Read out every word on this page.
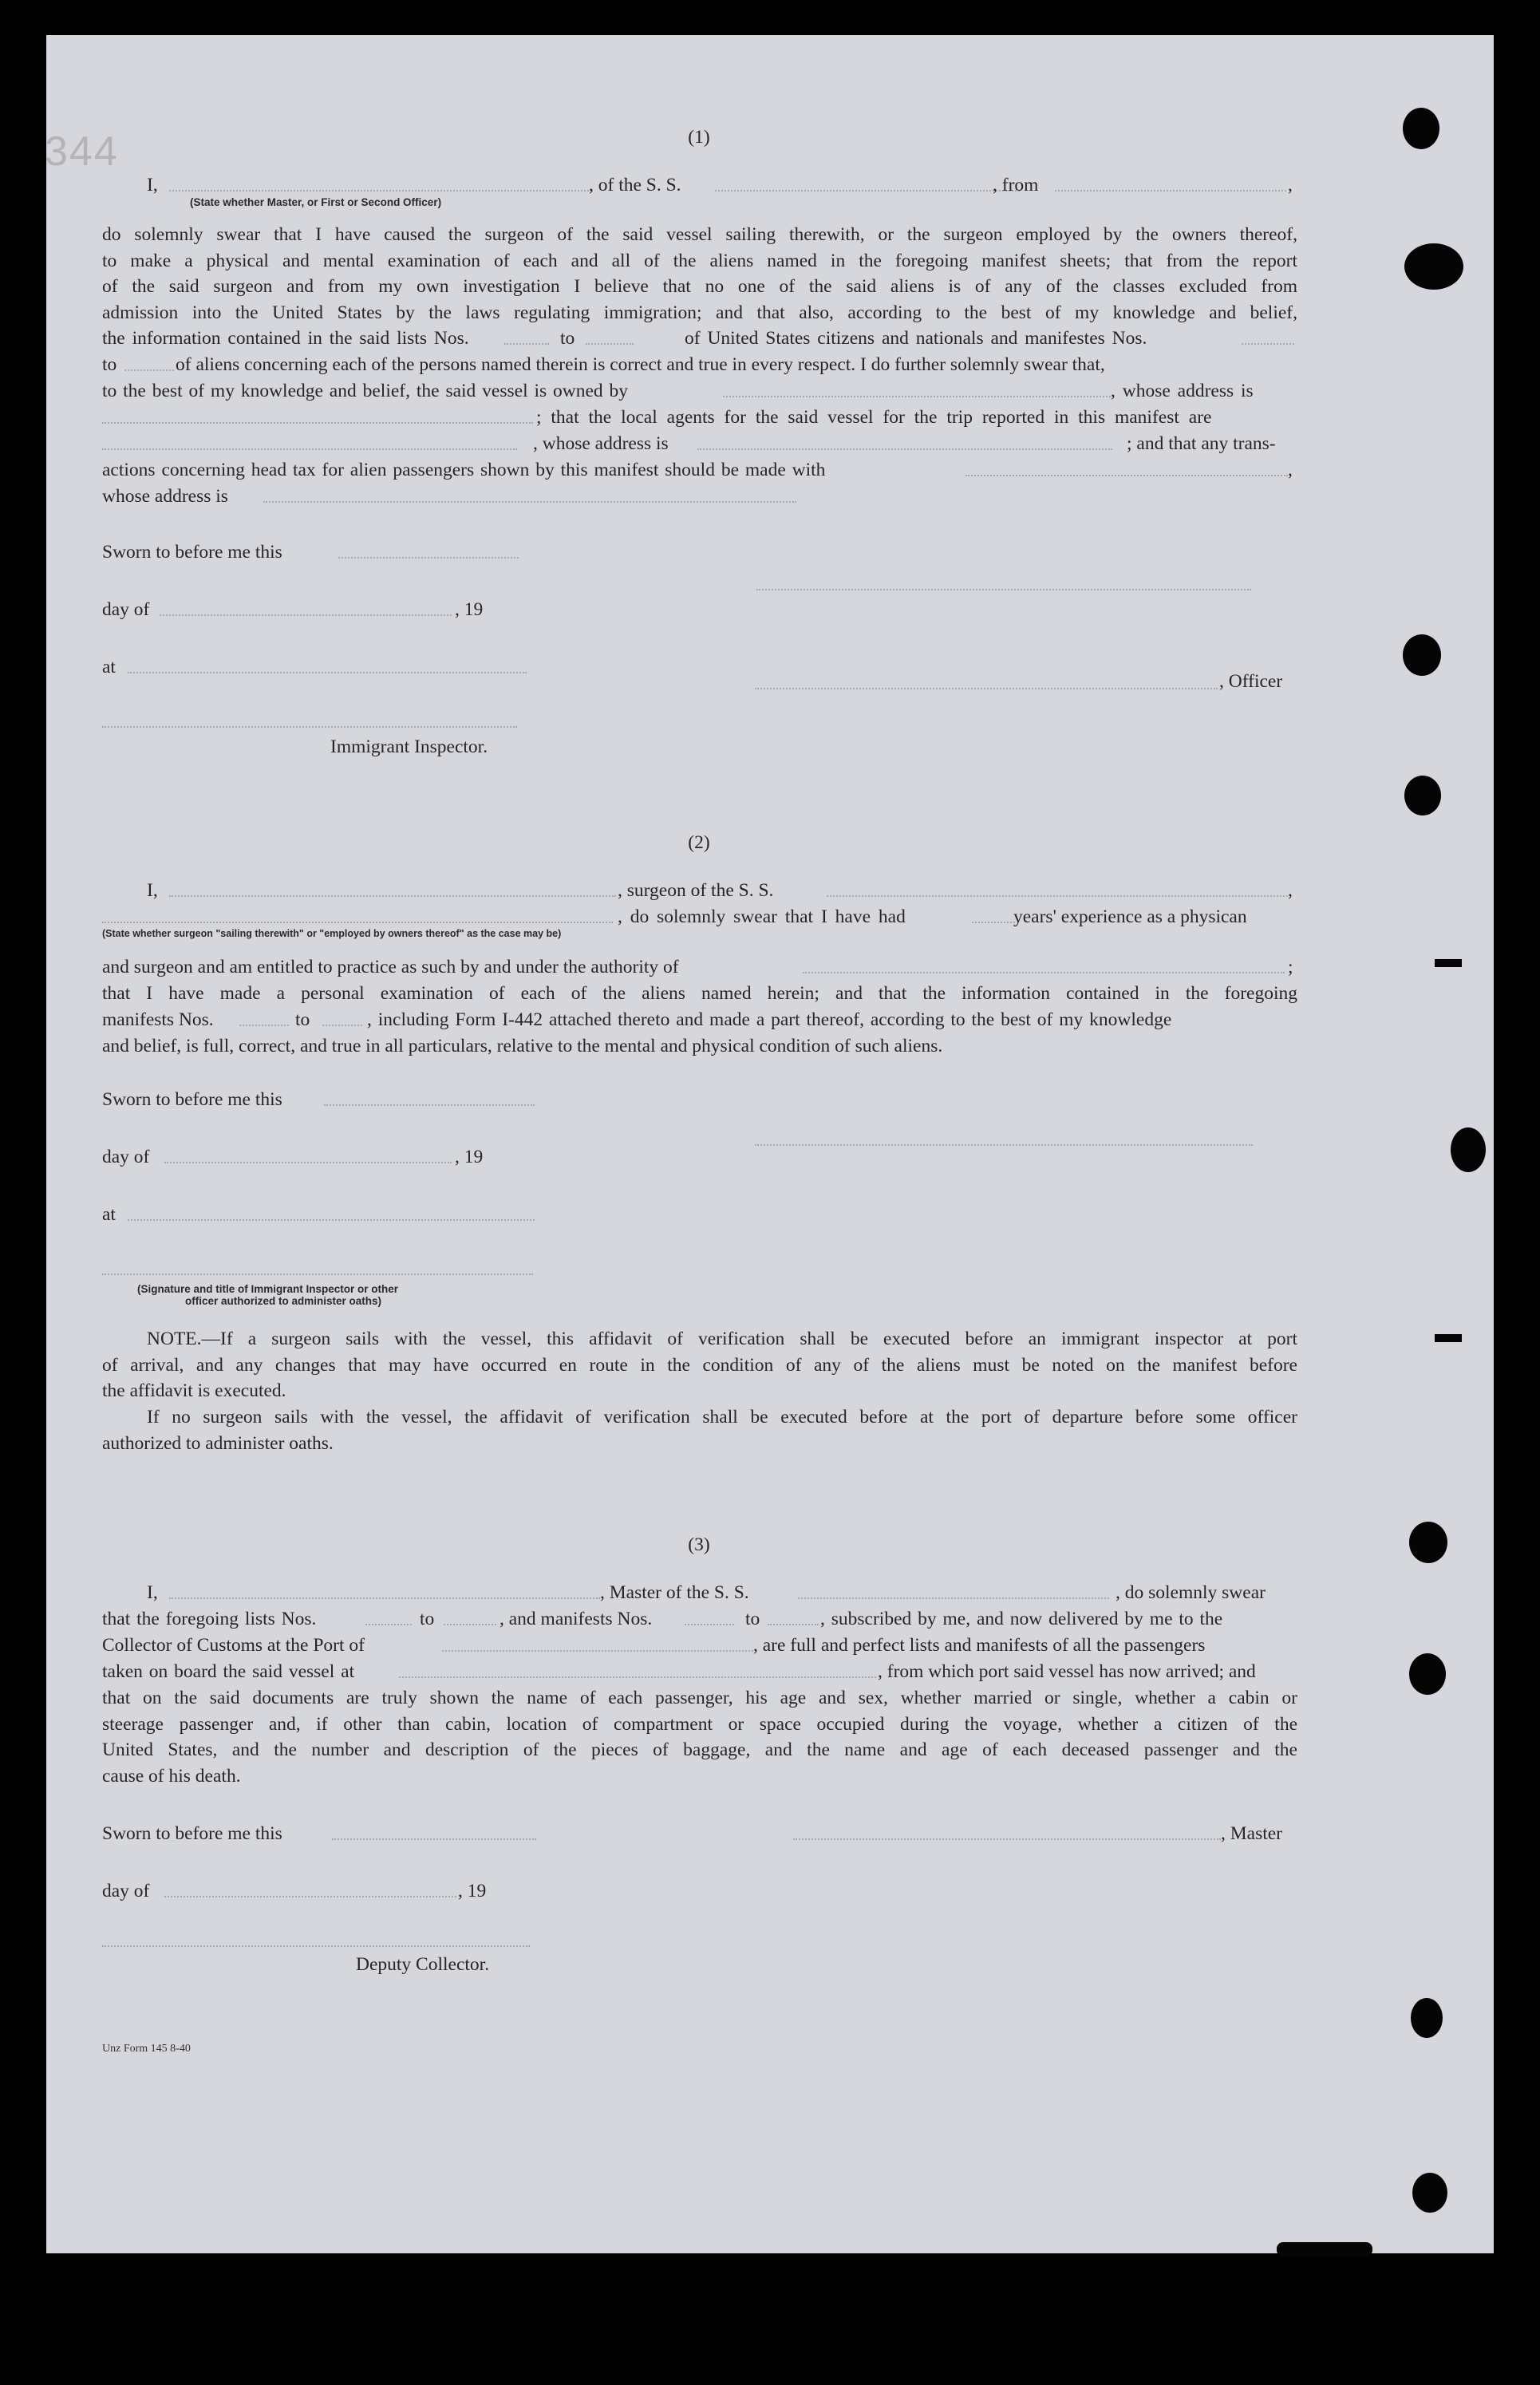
344	(1)
I,	, of the S. S.	, from	,
(State whether Master, or First or Second Officer)
do solemnly swear that I have caused the surgeon of the said vessel sailing therewith, or the surgeon employed by the owners thereof,
to make a physical and mental examination of each and all of the aliens named in the foregoing manifest sheets; that from the report
of the said surgeon and from my own investigation I believe that no one of the said aliens is of any of the classes excluded from
admission into the United States by the laws regulating immigration; and that also, according to the best of my knowledge and belief,
the information contained in the said lists Nos.	to	of United States citizens and nationals and manifestes Nos.
to	of aliens concerning each of the persons named therein is correct and true in every respect. I do further solemnly swear that,
to the best of my knowledge and belief, the said vessel is owned by	, whose address is
; that the local agents for the said vessel for the trip reported in this manifest are
, whose address is	; and that any trans-
actions concerning head tax for alien passengers shown by this manifest should be made with	,
whose address is
Sworn to before me this
day of	, 19
at
, Officer
Immigrant Inspector.
(2)
I,	, surgeon of the S. S.	,
, do solemnly swear that I have had	years' experience as a physican
(State whether surgeon "sailing therewith" or "employed by owners thereof" as the case may be)
and surgeon and am entitled to practice as such by and under the authority of	;
that I have made a personal examination of each of the aliens named herein; and that the information contained in the foregoing
manifests Nos.	to	, including Form I-442 attached thereto and made a part thereof, according to the best of my knowledge
and belief, is full, correct, and true in all particulars, relative to the mental and physical condition of such aliens.
Sworn to before me this
day of	, 19
at
(Signature and title of Immigrant Inspector or other
officer authorized to administer oaths)
NOTE.—If a surgeon sails with the vessel, this affidavit of verification shall be executed before an immigrant inspector at port
of arrival, and any changes that may have occurred en route in the condition of any of the aliens must be noted on the manifest before
the affidavit is executed.
If no surgeon sails with the vessel, the affidavit of verification shall be executed before at the port of departure before some officer
authorized to administer oaths.
(3)
I,	, Master of the S. S.	, do solemnly swear
that the foregoing lists Nos.	to	, and manifests Nos.	to	, subscribed by me, and now delivered by me to the
Collector of Customs at the Port of	, are full and perfect lists and manifests of all the passengers
taken on board the said vessel at	, from which port said vessel has now arrived; and
that on the said documents are truly shown the name of each passenger, his age and sex, whether married or single, whether a cabin or
steerage passenger and, if other than cabin, location of compartment or space occupied during the voyage, whether a citizen of the
United States, and the number and description of the pieces of baggage, and the name and age of each deceased passenger and the
cause of his death.
Sworn to before me this	, Master
day of	, 19
Deputy Collector.
Unz Form 145 8-40
